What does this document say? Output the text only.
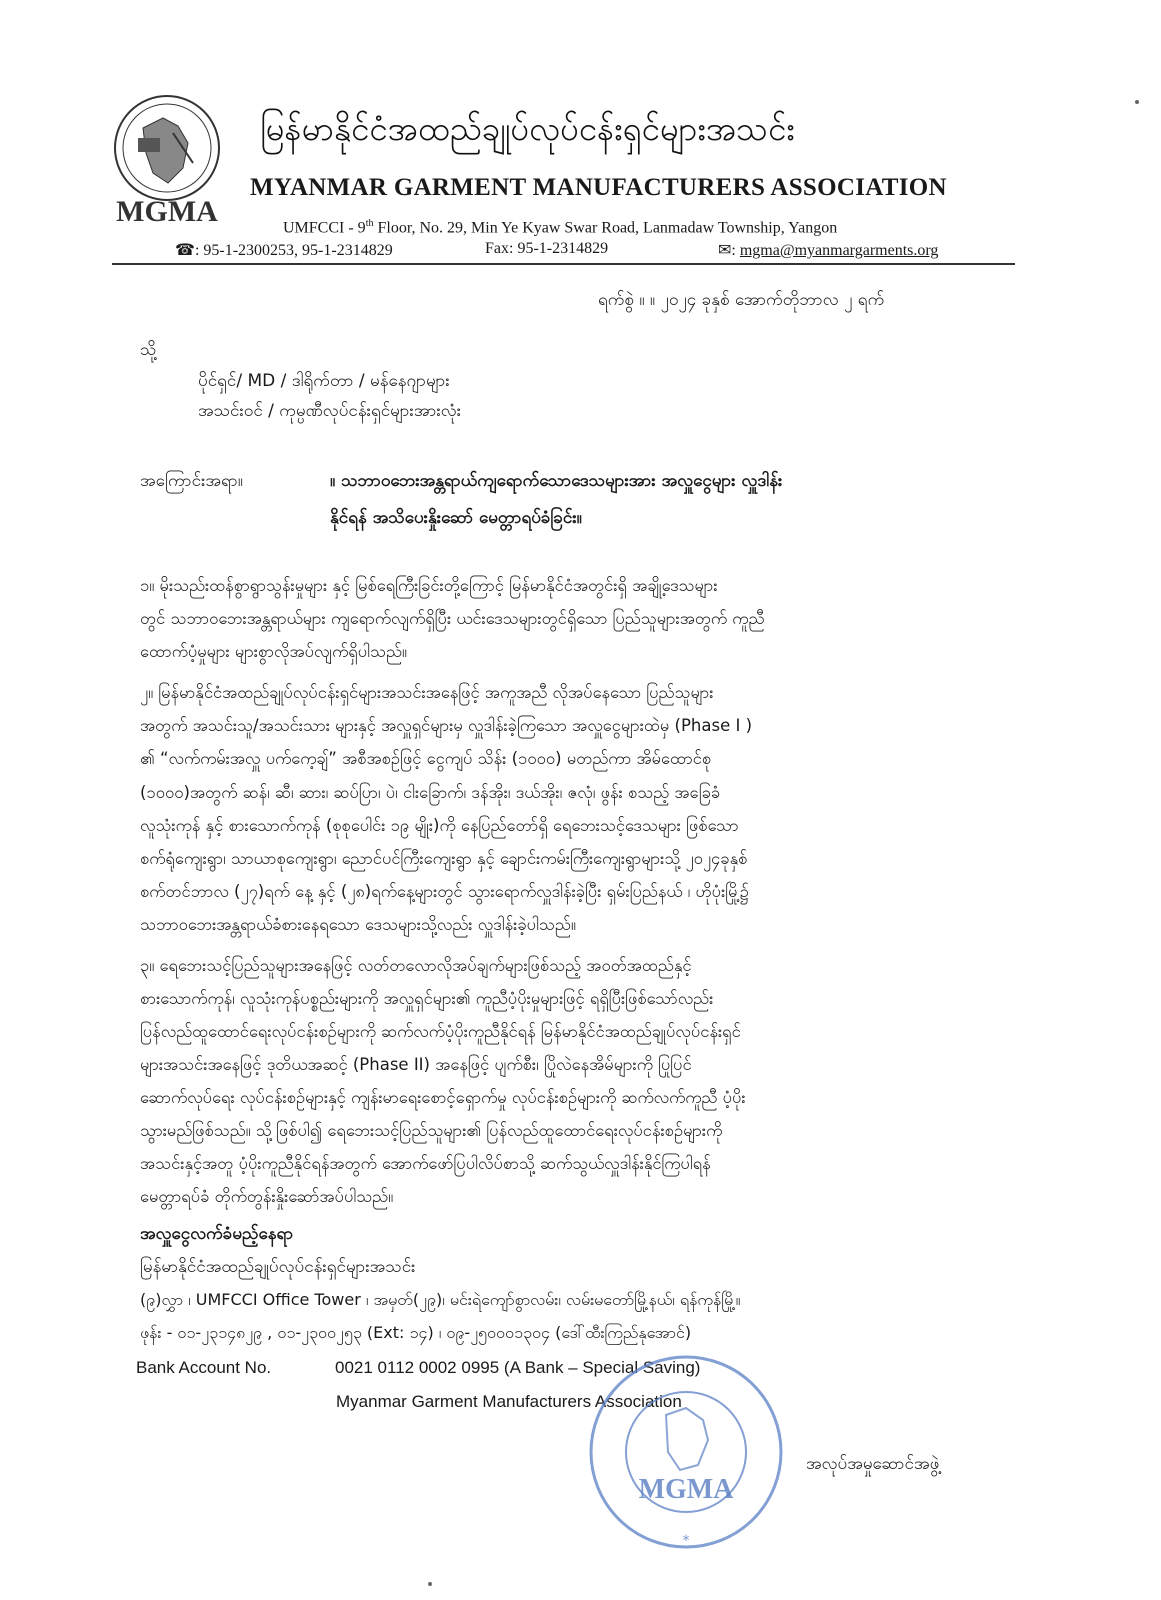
MGMA
မြန်မာနိုင်ငံအထည်ချုပ်လုပ်ငန်းရှင်များအသင်း
MYANMAR GARMENT MANUFACTURERS ASSOCIATION
UMFCCI - 9th Floor, No. 29, Min Ye Kyaw Swar Road, Lanmadaw Township, Yangon
☎: 95-1-2300253, 95-1-2314829	Fax: 95-1-2314829	✉: mgma@myanmargarments.org
ရက်စွဲ ။ ။ ၂၀၂၄ ခုနှစ် အောက်တိုဘာလ ၂ ရက်
သို့
ပိုင်ရှင်/ MD / ဒါရိုက်တာ / မန်နေဂျာများ
အသင်းဝင် / ကုမ္ပဏီလုပ်ငန်းရှင်များအားလုံး
အကြောင်းအရာ။	။ သဘာဝဘေးအန္တရာယ်ကျရောက်သောဒေသများအား အလှူငွေများ လှူဒါန်း
နိုင်ရန် အသိပေးနှိုးဆော် မေတ္တာရပ်ခံခြင်း။
၁။ မိုးသည်းထန်စွာရွာသွန်းမှုများ နှင့် မြစ်ရေကြီးခြင်းတို့ကြောင့် မြန်မာနိုင်ငံအတွင်းရှိ အချို့ဒေသများ
တွင် သဘာဝဘေးအန္တရာယ်များ ကျရောက်လျက်ရှိပြီး ယင်းဒေသများတွင်ရှိသော ပြည်သူများအတွက် ကူညီ
ထောက်ပံ့မှုများ များစွာလိုအပ်လျက်ရှိပါသည်။
၂။ မြန်မာနိုင်ငံအထည်ချုပ်လုပ်ငန်းရှင်များအသင်းအနေဖြင့် အကူအညီ လိုအပ်နေသော ပြည်သူများ
အတွက် အသင်းသူ/အသင်းသား များနှင့် အလှူရှင်များမှ လှူဒါန်းခဲ့ကြသော အလှူငွေများထဲမှ (Phase I )
၏ “လက်ကမ်းအလှူ ပက်ကေ့ချ်” အစီအစဉ်ဖြင့် ငွေကျပ် သိန်း (၁၀၀၀) မတည်ကာ အိမ်ထောင်စု
(၁၀၀၀)အတွက် ဆန်၊ ဆီ၊ ဆား၊ ဆပ်ပြာ၊ ပဲ၊ ငါးခြောက်၊ ဒန်အိုး၊ ဒယ်အိုး၊ ဇလုံ၊ ဖွန်း စသည့် အခြေခံ
လူသုံးကုန် နှင့် စားသောက်ကုန် (စုစုပေါင်း ၁၉ မျိုး)ကို နေပြည်တော်ရှိ ရေဘေးသင့်ဒေသများ ဖြစ်သော
စက်ရုံကျေးရွာ၊ သာယာစုကျေးရွာ၊ ညောင်ပင်ကြီးကျေးရွာ နှင့် ချောင်းကမ်းကြီးကျေးရွာများသို့ ၂၀၂၄ခုနှစ်
စက်တင်ဘာလ (၂၇)ရက် နေ့ နှင့် (၂၈)ရက်နေ့များတွင် သွားရောက်လှူဒါန်းခဲ့ပြီး ရှမ်းပြည်နယ် ၊ ဟိုပုံးမြို့၌
သဘာဝဘေးအန္တရာယ်ခံစားနေရသော ဒေသများသို့လည်း လှူဒါန်းခဲ့ပါသည်။
၃။ ရေဘေးသင့်ပြည်သူများအနေဖြင့် လတ်တလောလိုအပ်ချက်များဖြစ်သည့် အဝတ်အထည်နှင့်
စားသောက်ကုန်၊ လူသုံးကုန်ပစ္စည်းများကို အလှူရှင်များ၏ ကူညီပံ့ပိုးမှုများဖြင့် ရရှိပြီးဖြစ်သော်လည်း
ပြန်လည်ထူထောင်ရေးလုပ်ငန်းစဉ်များကို ဆက်လက်ပံ့ပိုးကူညီနိုင်ရန် မြန်မာနိုင်ငံအထည်ချုပ်လုပ်ငန်းရှင်
များအသင်းအနေဖြင့် ဒုတိယအဆင့် (Phase II) အနေဖြင့် ပျက်စီး၊ ပြိုလဲနေအိမ်များကို ပြုပြင်
ဆောက်လုပ်ရေး လုပ်ငန်းစဉ်များနှင့် ကျန်းမာရေးစောင့်ရှောက်မှု လုပ်ငန်းစဉ်များကို ဆက်လက်ကူညီ ပံ့ပိုး
သွားမည်ဖြစ်သည်။ သို့ဖြစ်ပါ၍ ရေဘေးသင့်ပြည်သူများ၏ ပြန်လည်ထူထောင်ရေးလုပ်ငန်းစဉ်များကို
အသင်းနှင့်အတူ ပံ့ပိုးကူညီနိုင်ရန်အတွက် အောက်ဖော်ပြပါလိပ်စာသို့ ဆက်သွယ်လှူဒါန်းနိုင်ကြပါရန်
မေတ္တာရပ်ခံ တိုက်တွန်းနှိုးဆော်အပ်ပါသည်။
အလှူငွေလက်ခံမည့်နေရာ
မြန်မာနိုင်ငံအထည်ချုပ်လုပ်ငန်းရှင်များအသင်း
(၉)လွှာ ၊ UMFCCI Office Tower ၊ အမှတ်(၂၉)၊ မင်းရဲကျော်စွာလမ်း၊ လမ်းမတော်မြို့နယ်၊ ရန်ကုန်မြို့။
ဖုန်း - ၀၁-၂၃၁၄၈၂၉ , ၀၁-၂၃၀၀၂၅၃ (Ext: ၁၄) ၊ ၀၉-၂၅၀၀၀၁၃၀၄ (ဒေါ်ထီးကြည်နုအောင်)
Bank Account No.	0021 0112 0002 0995 (A Bank – Special Saving)
Myanmar Garment Manufacturers Association
MGMA
*
အလုပ်အမှုဆောင်အဖွဲ့
